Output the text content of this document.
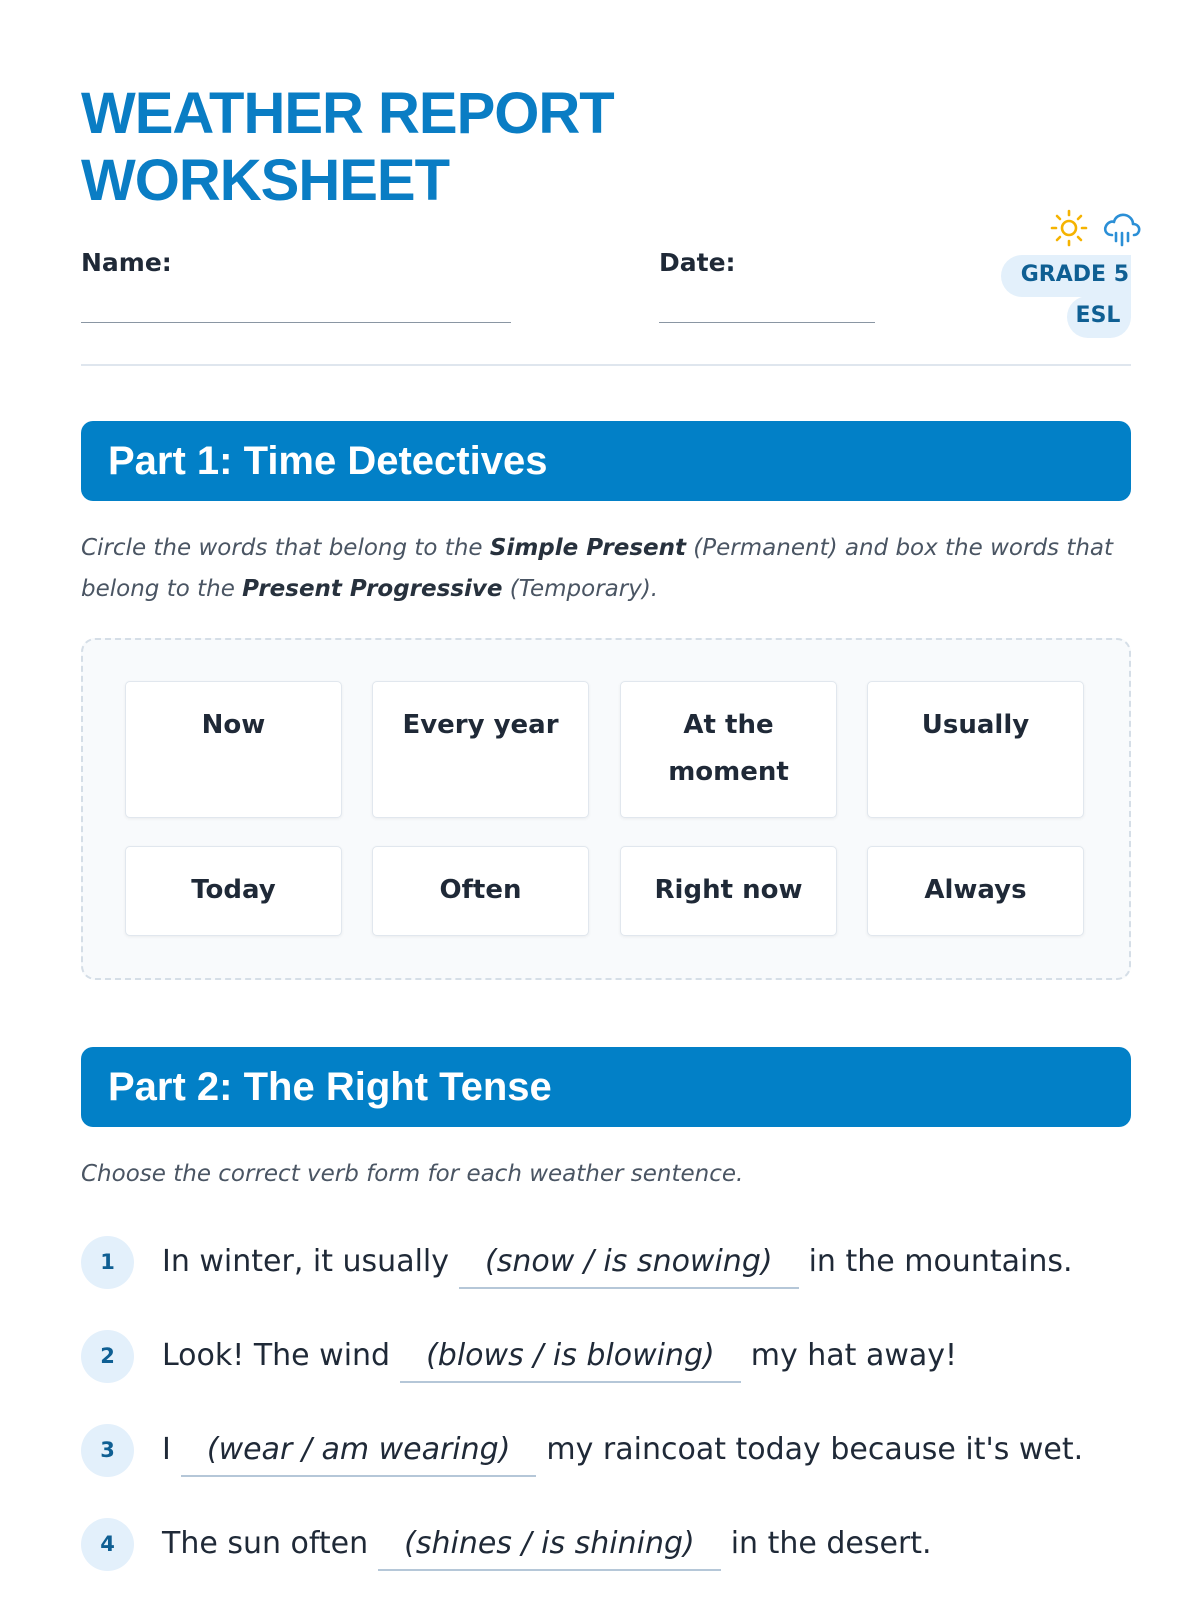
WEATHER REPORT
WORKSHEET

Name:	Date:	GRADE 5
ESL
Part 1: Time Detectives

Circle the words that belong to the Simple Present (Permanent) and box the words that belong to the Present Progressive (Temporary).

Now	Every year	At the moment
Usually
Today	Often	Right now	Always
Part 2: The Right Tense

Choose the correct verb form for each weather sentence.

1	In winter, it usually	(snow / is snowing)	in the mountains.
2	Look! The wind	(blows / is blowing)	my hat away!
3	I	(wear / am wearing)	my raincoat today because it's wet.
4	The sun often	(shines / is shining)	in the desert.
